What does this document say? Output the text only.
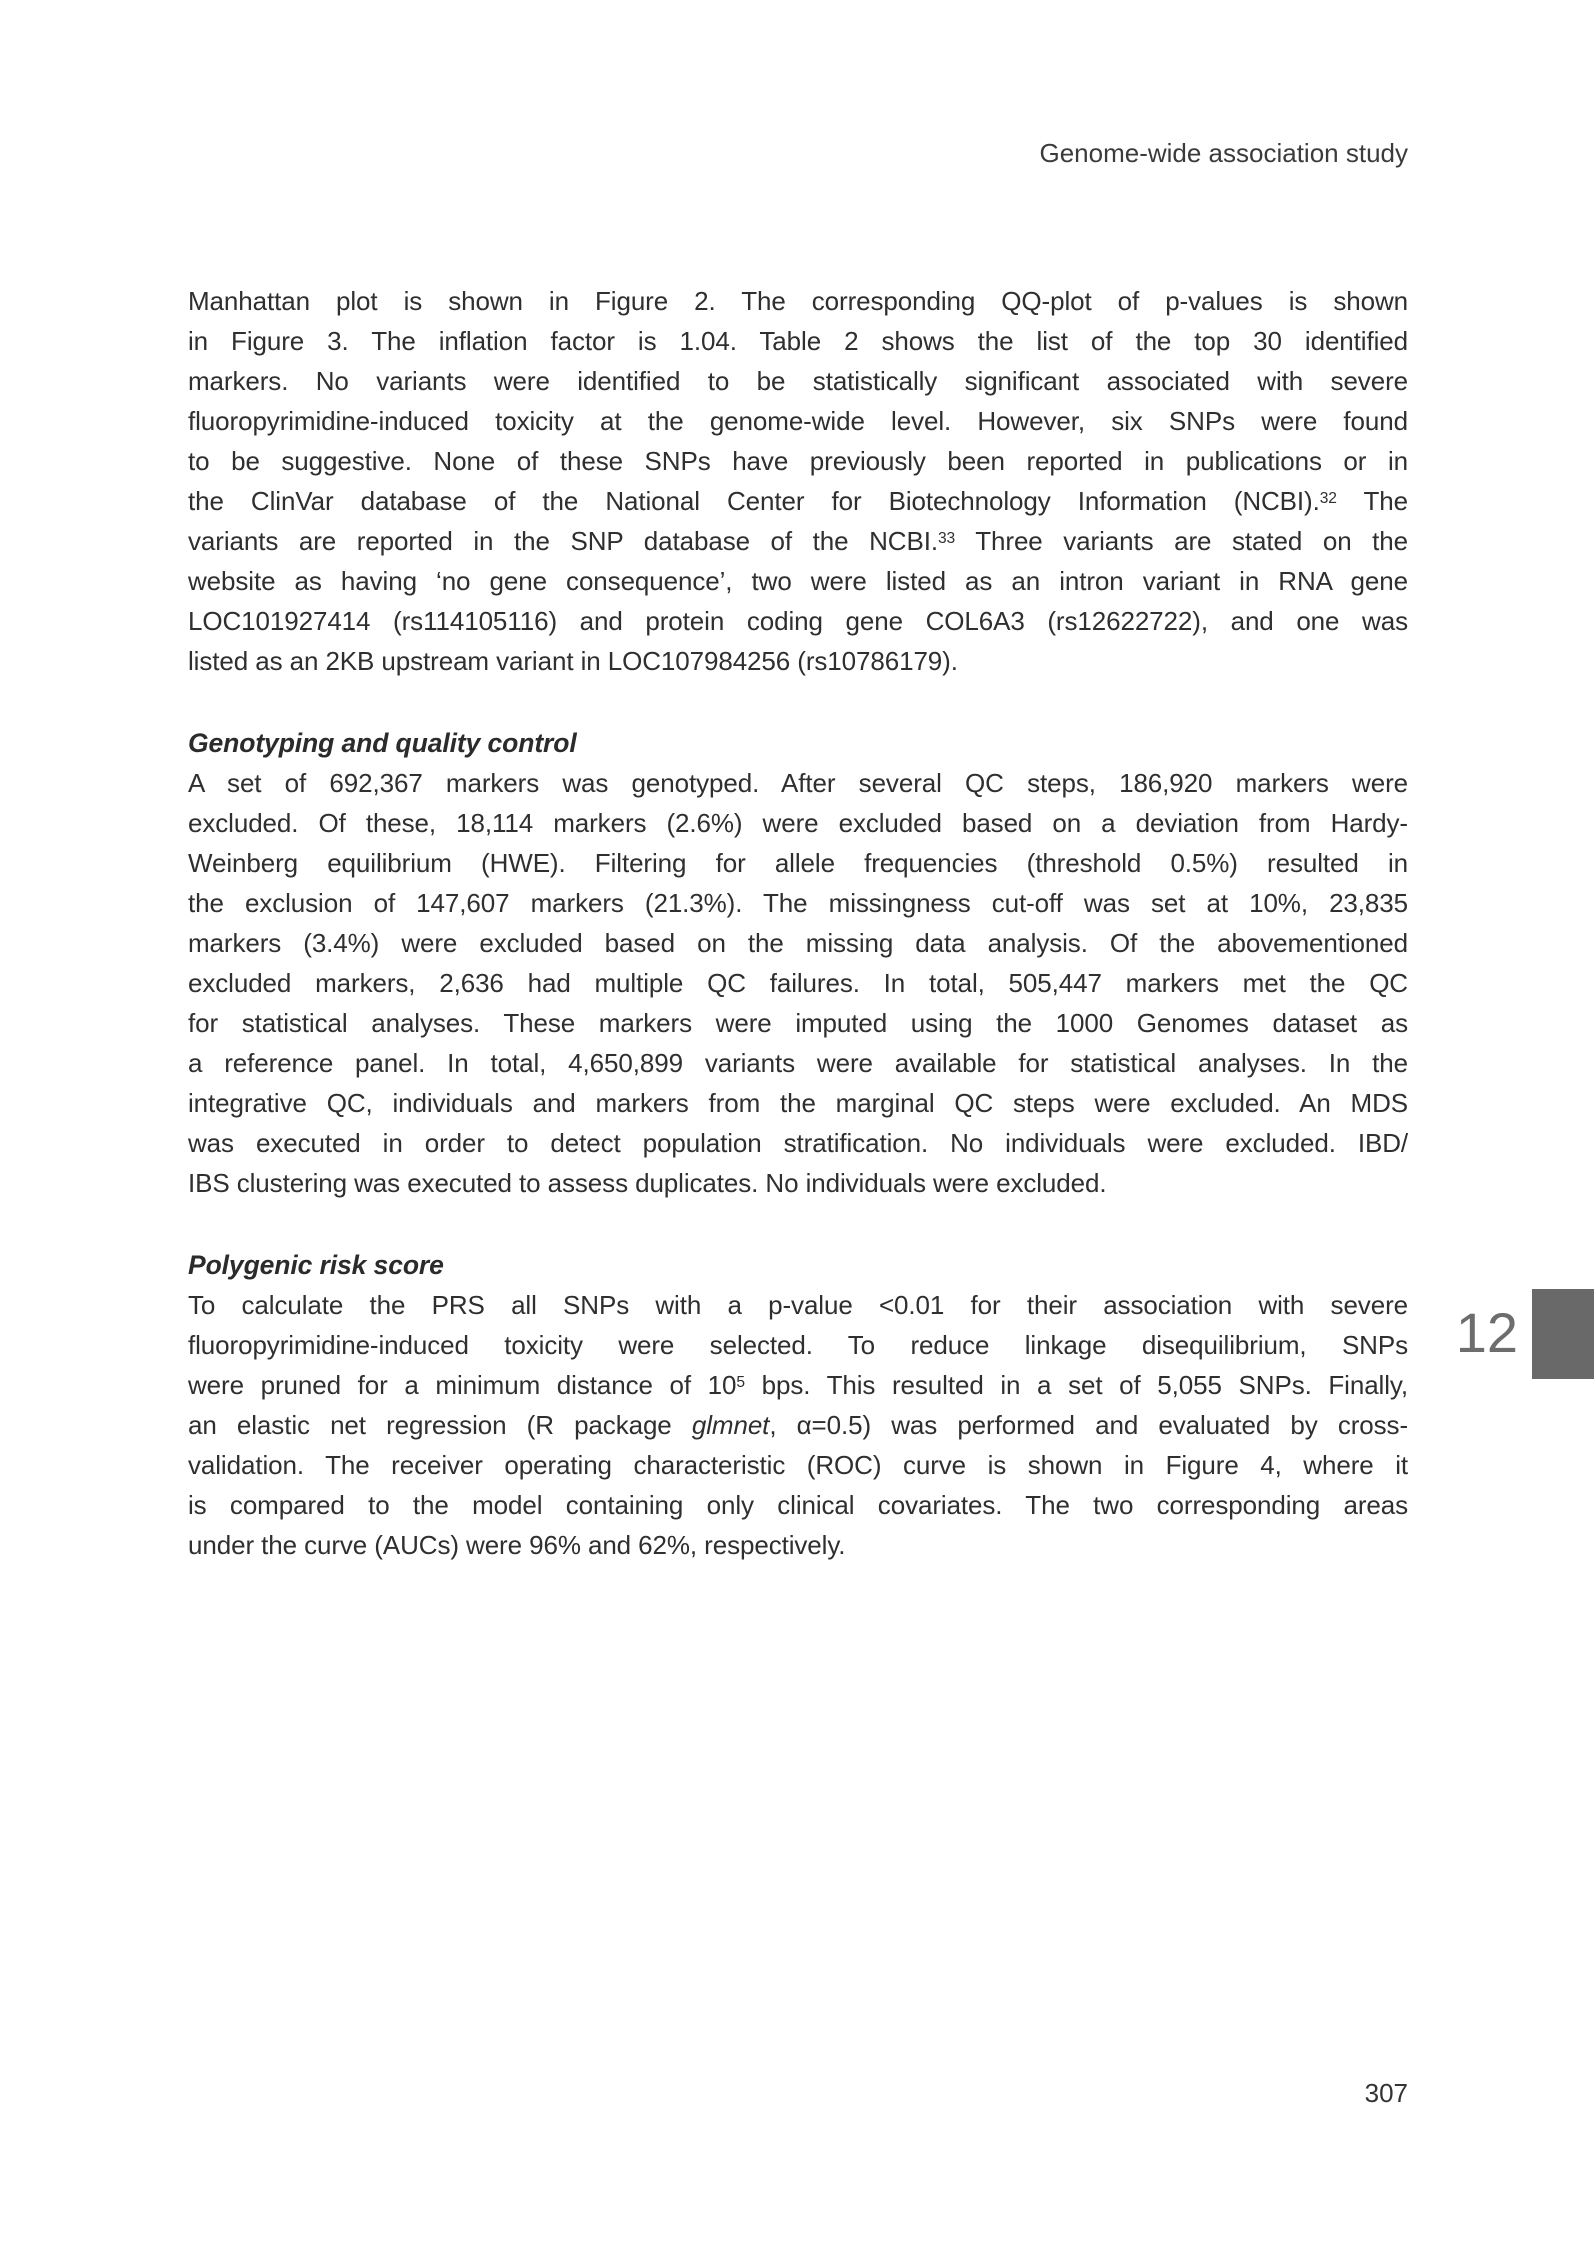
Genome-wide association study
Manhattan plot is shown in Figure 2. The corresponding QQ-plot of p-values is shown
in Figure 3. The inflation factor is 1.04. Table 2 shows the list of the top 30 identified
markers. No variants were identified to be statistically significant associated with severe
fluoropyrimidine-induced toxicity at the genome-wide level. However, six SNPs were found
to be suggestive. None of these SNPs have previously been reported in publications or in
the ClinVar database of the National Center for Biotechnology Information (NCBI).$^{32}$ The
variants are reported in the SNP database of the NCBI.$^{33}$ Three variants are stated on the
website as having ‘no gene consequence’, two were listed as an intron variant in RNA gene
LOC101927414 (rs114105116) and protein coding gene COL6A3 (rs12622722), and one was
listed as an 2KB upstream variant in LOC107984256 (rs10786179).
Genotyping and quality control
A set of 692,367 markers was genotyped. After several QC steps, 186,920 markers were
excluded. Of these, 18,114 markers (2.6%) were excluded based on a deviation from Hardy-
Weinberg equilibrium (HWE). Filtering for allele frequencies (threshold 0.5%) resulted in
the exclusion of 147,607 markers (21.3%). The missingness cut-off was set at 10%, 23,835
markers (3.4%) were excluded based on the missing data analysis. Of the abovementioned
excluded markers, 2,636 had multiple QC failures. In total, 505,447 markers met the QC
for statistical analyses. These markers were imputed using the 1000 Genomes dataset as
a reference panel. In total, 4,650,899 variants were available for statistical analyses. In the
integrative QC, individuals and markers from the marginal QC steps were excluded. An MDS
was executed in order to detect population stratification. No individuals were excluded. IBD/
IBS clustering was executed to assess duplicates. No individuals were excluded.
Polygenic risk score
To calculate the PRS all SNPs with a p-value <0.01 for their association with severe
fluoropyrimidine-induced toxicity were selected. To reduce linkage disequilibrium, SNPs
were pruned for a minimum distance of $10^5$ bps. This resulted in a set of 5,055 SNPs. Finally,
an elastic net regression (R package glmnet, α=0.5) was performed and evaluated by cross-
validation. The receiver operating characteristic (ROC) curve is shown in Figure 4, where it
is compared to the model containing only clinical covariates. The two corresponding areas
under the curve (AUCs) were 96% and 62%, respectively.
12
307
